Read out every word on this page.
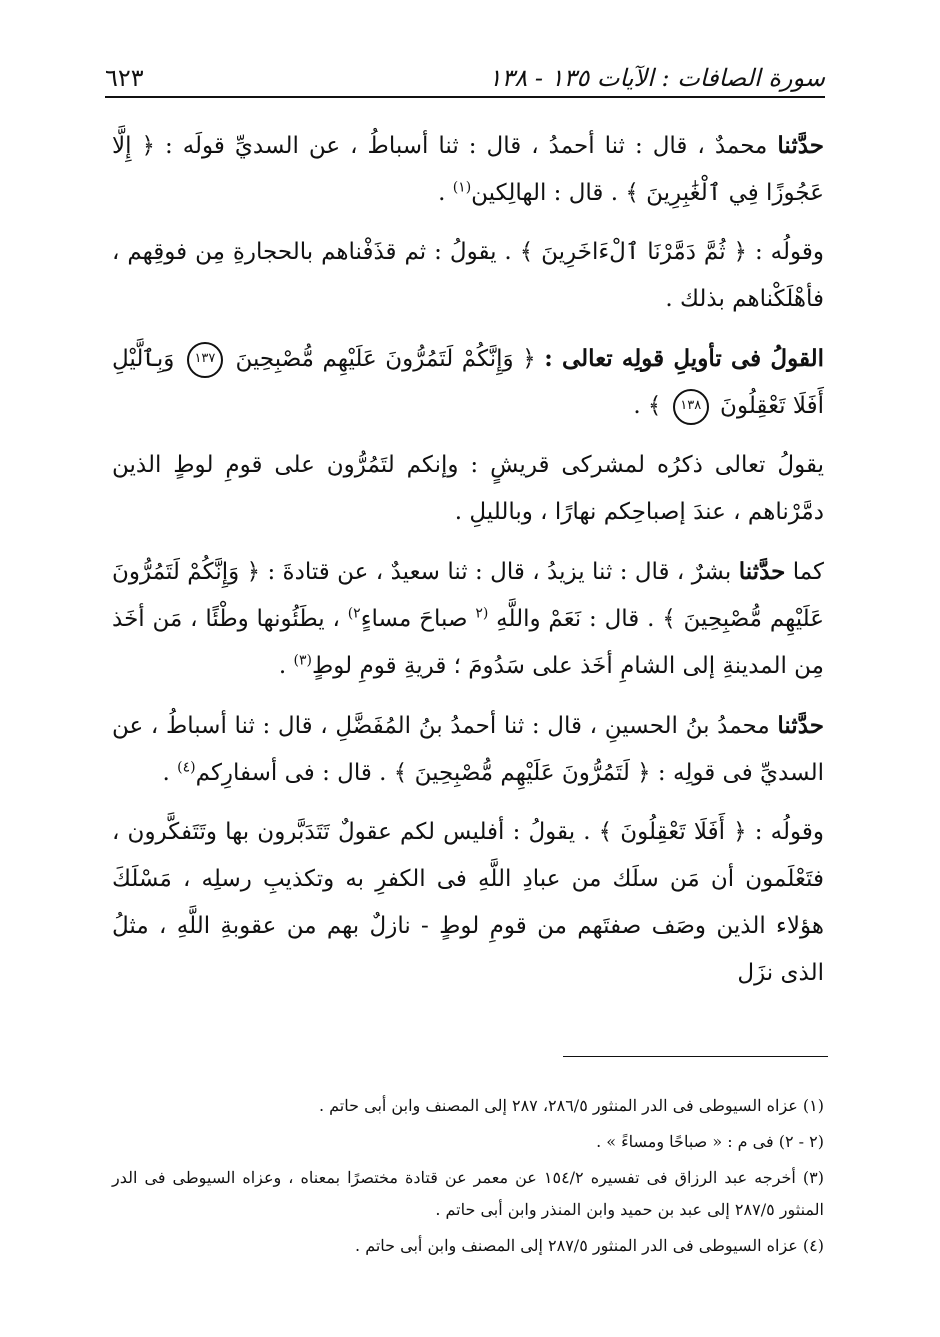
سورة الصافات : الآيات ١٣٥ - ١٣٨
٦٢٣

حدَّثنا محمدٌ ، قال : ثنا أحمدُ ، قال : ثنا أسباطُ ، عن السديِّ قولَه : ﴿ إِلَّا عَجُوزًا فِي ٱلْغَٰبِرِينَ ﴾ . قال : الهالِكين$^{(١)}$ .

وقولُه : ﴿ ثُمَّ دَمَّرْنَا ٱلْءَاخَرِينَ ﴾ . يقولُ : ثم قذَفْناهم بالحجارةِ مِن فوقِهم ، فأهْلَكْناهم بذلك .

القولُ فى تأويلِ قولِه تعالى : ﴿ وَإِنَّكُمْ لَتَمُرُّونَ عَلَيْهِم مُّصْبِحِينَ ١٣٧ وَبِٱلَّيْلِ أَفَلَا تَعْقِلُونَ ١٣٨ ﴾ .

يقولُ تعالى ذكرُه لمشركى قريشٍ : وإنكم لتَمُرُّون على قومِ لوطٍ الذين دمَّرْناهم ، عندَ إصباحِكم نهارًا ، وبالليلِ .

كما حدَّثنا بشرٌ ، قال : ثنا يزيدُ ، قال : ثنا سعيدٌ ، عن قتادةَ : ﴿ وَإِنَّكُمْ لَتَمُرُّونَ عَلَيْهِم مُّصْبِحِينَ ﴾ . قال : نَعَمْ واللَّهِ $^{(٢}$ صباحَ مساءٍ$^{٢)}$ ، يطَئُونها وطْئًا ، مَن أخَذ مِن المدينةِ إلى الشامِ أخَذ على سَدُومَ ؛ قريةِ قومِ لوطٍ$^{(٣)}$ .

حدَّثنا محمدُ بنُ الحسينِ ، قال : ثنا أحمدُ بنُ المُفَضَّلِ ، قال : ثنا أسباطُ ، عن السديِّ فى قولِه : ﴿ لَتَمُرُّونَ عَلَيْهِم مُّصْبِحِينَ ﴾ . قال : فى أسفارِكم$^{(٤)}$ .

وقولُه : ﴿ أَفَلَا تَعْقِلُونَ ﴾ . يقولُ : أفليس لكم عقولٌ تَتَدَبَّرون بها وتَتَفكَّرون ، فتَعْلَمون أن مَن سلَك من عبادِ اللَّهِ فى الكفرِ به وتكذيبِ رسلِه ، مَسْلَكَ هؤلاء الذين وصَف صفتَهم من قومِ لوطٍ - نازلٌ بهم من عقوبةِ اللَّهِ ، مثلُ الذى نزَل

(١) عزاه السيوطى فى الدر المنثور ٢٨٦/٥، ٢٨٧ إلى المصنف وابن أبى حاتم .

(٢ - ٢) فى م : « صباحًا ومساءً » .

(٣) أخرجه عبد الرزاق فى تفسيره ١٥٤/٢ عن معمر عن قتادة مختصرًا بمعناه ، وعزاه السيوطى فى الدر المنثور ٢٨٧/٥ إلى عبد بن حميد وابن المنذر وابن أبى حاتم .

(٤) عزاه السيوطى فى الدر المنثور ٢٨٧/٥ إلى المصنف وابن أبى حاتم .
